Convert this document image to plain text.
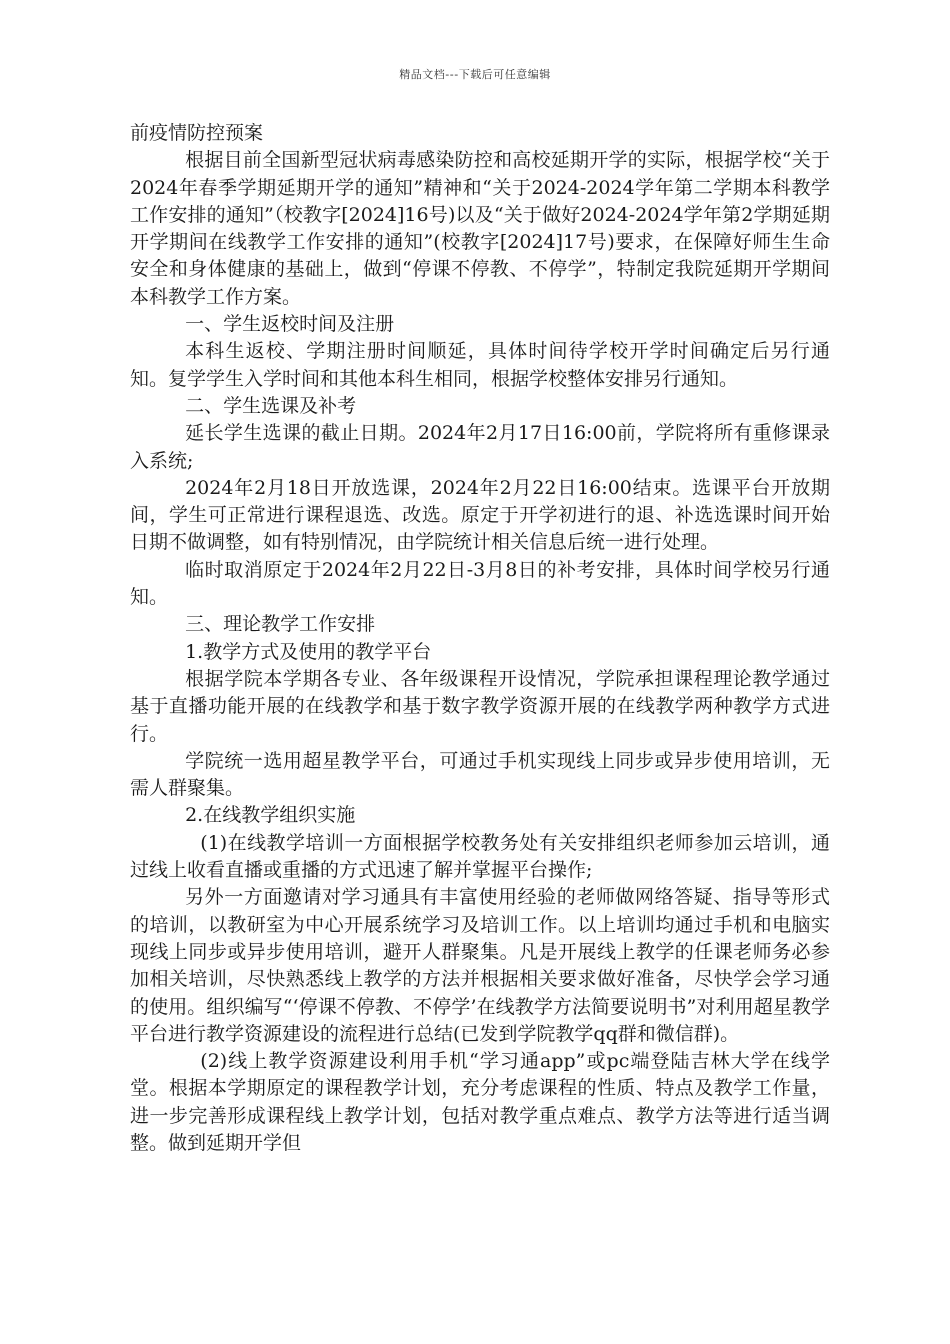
精品文档---下载后可任意编辑

前疫情防控预案

根据目前全国新型冠状病毒感染防控和高校延期开学的实际，根据学校“关于2024年春季学期延期开学的通知”精神和“关于2024-2024学年第二学期本科教学工作安排的通知”（校教字[2024]16号)以及“关于做好2024-2024学年第2学期延期开学期间在线教学工作安排的通知”(校教字[2024]17号)要求，在保障好师生生命安全和身体健康的基础上，做到“停课不停教、不停学”，特制定我院延期开学期间本科教学工作方案。

一、学生返校时间及注册

本科生返校、学期注册时间顺延，具体时间待学校开学时间确定后另行通知。复学学生入学时间和其他本科生相同，根据学校整体安排另行通知。

二、学生选课及补考

延长学生选课的截止日期。2024年2月17日16:00前，学院将所有重修课录入系统;

2024年2月18日开放选课，2024年2月22日16:00结束。选课平台开放期间，学生可正常进行课程退选、改选。原定于开学初进行的退、补选选课时间开始日期不做调整，如有特别情况，由学院统计相关信息后统一进行处理。

临时取消原定于2024年2月22日-3月8日的补考安排，具体时间学校另行通知。

三、理论教学工作安排

1.教学方式及使用的教学平台

根据学院本学期各专业、各年级课程开设情况，学院承担课程理论教学通过基于直播功能开展的在线教学和基于数字教学资源开展的在线教学两种教学方式进行。

学院统一选用超星教学平台，可通过手机实现线上同步或异步使用培训，无需人群聚集。

2.在线教学组织实施

(1)在线教学培训一方面根据学校教务处有关安排组织老师参加云培训，通过线上收看直播或重播的方式迅速了解并掌握平台操作;

另外一方面邀请对学习通具有丰富使用经验的老师做网络答疑、指导等形式的培训，以教研室为中心开展系统学习及培训工作。以上培训均通过手机和电脑实现线上同步或异步使用培训，避开人群聚集。凡是开展线上教学的任课老师务必参加相关培训，尽快熟悉线上教学的方法并根据相关要求做好准备，尽快学会学习通的使用。组织编写“‘停课不停教、不停学’在线教学方法简要说明书”对利用超星教学平台进行教学资源建设的流程进行总结(已发到学院教学qq群和微信群)。

(2)线上教学资源建设利用手机“学习通app”或pc端登陆吉林大学在线学堂。根据本学期原定的课程教学计划，充分考虑课程的性质、特点及教学工作量，进一步完善形成课程线上教学计划，包括对教学重点难点、教学方法等进行适当调整。做到延期开学但
